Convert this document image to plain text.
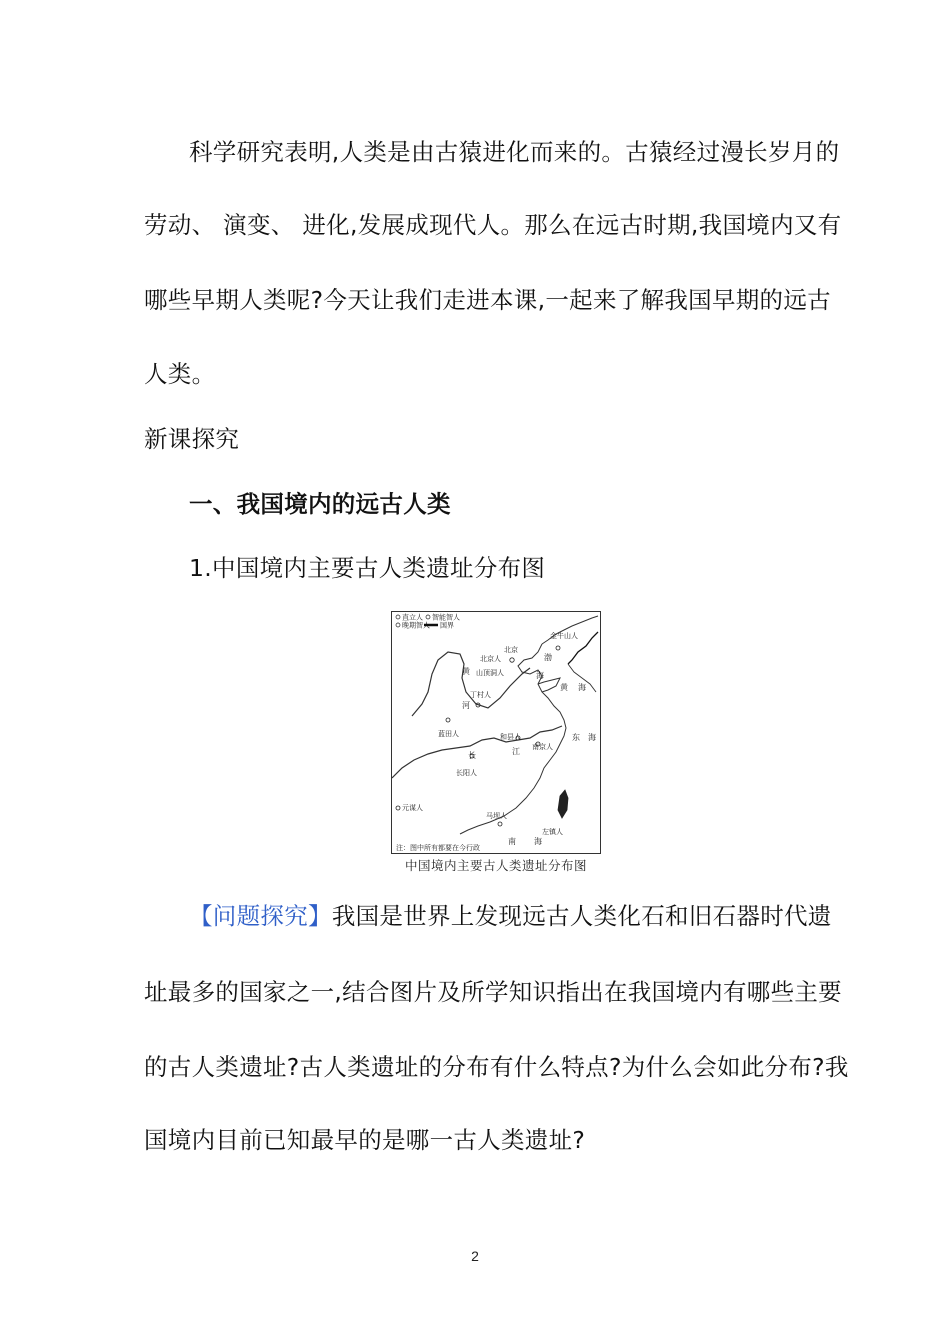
科学研究表明,人类是由古猿进化而来的。古猿经过漫长岁月的
劳动、 演变、 进化,发展成现代人。那么在远古时期,我国境内又有
哪些早期人类呢?今天让我们走进本课,一起来了解我国早期的远古
人类。
新课探究
一、我国境内的远古人类
1.中国境内主要古人类遗址分布图
直立人 智能智人
晚期智人 国界
黄
河
长	江
渤
海
黄 海
东 海
南 海
金牛山人
北京
北京人
山顶洞人
丁村人
蓝田人	和县人
南京人
长阳人
元谋人
马坝人
左镇人
注：图中所有都要在今行政
中国境内主要古人类遗址分布图
【问题探究】我国是世界上发现远古人类化石和旧石器时代遗
址最多的国家之一,结合图片及所学知识指出在我国境内有哪些主要
的古人类遗址?古人类遗址的分布有什么特点?为什么会如此分布?我
国境内目前已知最早的是哪一古人类遗址?
2
